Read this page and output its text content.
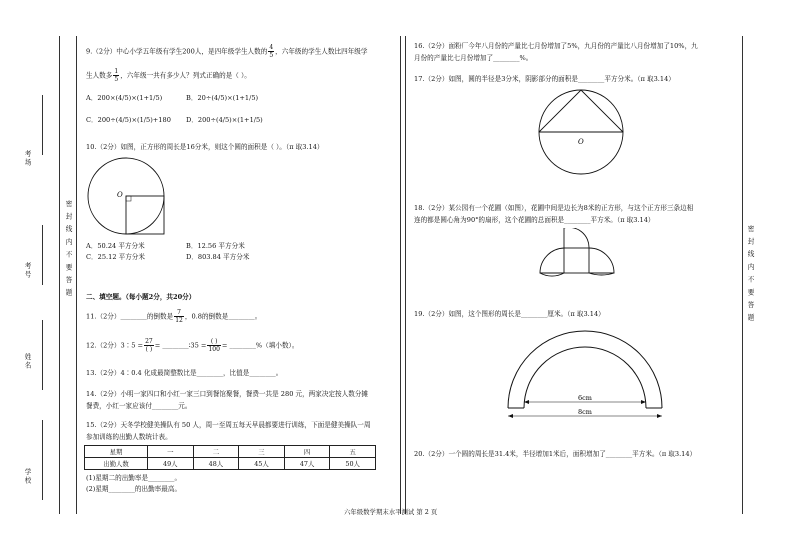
考场
考号
姓名
学校
密 封 线 内 不 要 答 题	密 封 线 内 不 要 答 题
9.（2分）中心小学五年级有学生200人，是四年级学生人数的 $\frac{4}{5}$ ，六年级的学生人数比四年级学
生人数多 $\frac{1}{5}$ ，六年级一共有多少人？列式正确的是（ ）。
A．200×(4/5)×(1+1/5)	B．20÷(4/5)×(1+1/5)
C．200÷(4/5)×(1/5)+180 D．200÷(4/5)×(1+1/5)
10.（2分）如图，正方形的周长是16分米，则这个圆的面积是（ ）。（π 取3.14）
O
A．50.24 平方分米	B．12.56 平方分米
C．25.12 平方分米	D．803.84 平方分米
二、填空题。（每小题2分，共20分）
11.（2分）________的倒数是 $\frac{7}{12}$ ，0.8的倒数是________。
12.（2分）3∶5 = $\frac{27}{( )}$ = ________∶35 = $\frac{( )}{100}$ = ________%（填小数）。
13.（2分）4∶0.4 化成最简整数比是________，比值是________。
14.（2分）小明一家四口和小红一家三口到餐馆聚餐，餐费一共是 280 元，两家决定按人数分摊
餐费，小红一家应该付________元。
15.（2分）天冬学校健美操队有 50 人，周一至周五每天早晨都要进行训练，下面是健美操队一周
参加训练的出勤人数统计表。
星期	一	二	三	四	五
出勤人数	49人	48人	45人	47人	50人
(1)星期二的出勤率是________。
(2)星期________的出勤率最高。
16.（2分）面粉厂今年八月份的产量比七月份增加了5%，九月份的产量比八月份增加了10%，九
月份的产量比七月份增加了________%。
17.（2分）如图，圆的半径是3分米，阴影部分的面积是________平方分米。（π 取3.14）
O
18.（2分）某公园有一个花圃（如图），花圃中间是边长为8米的正方形，与这个正方形三条边相
连的都是圆心角为90°的扇形，这个花圃的总面积是________平方米。（π 取3.14）
19.（2分）如图，这个图形的周长是________厘米。（π 取3.14）
6cm
8cm
20.（2分）一个圆的周长是31.4米，半径增加1米后，面积增加了________平方米。（π 取3.14）
六年级数学期末水平测试 第 2 页
